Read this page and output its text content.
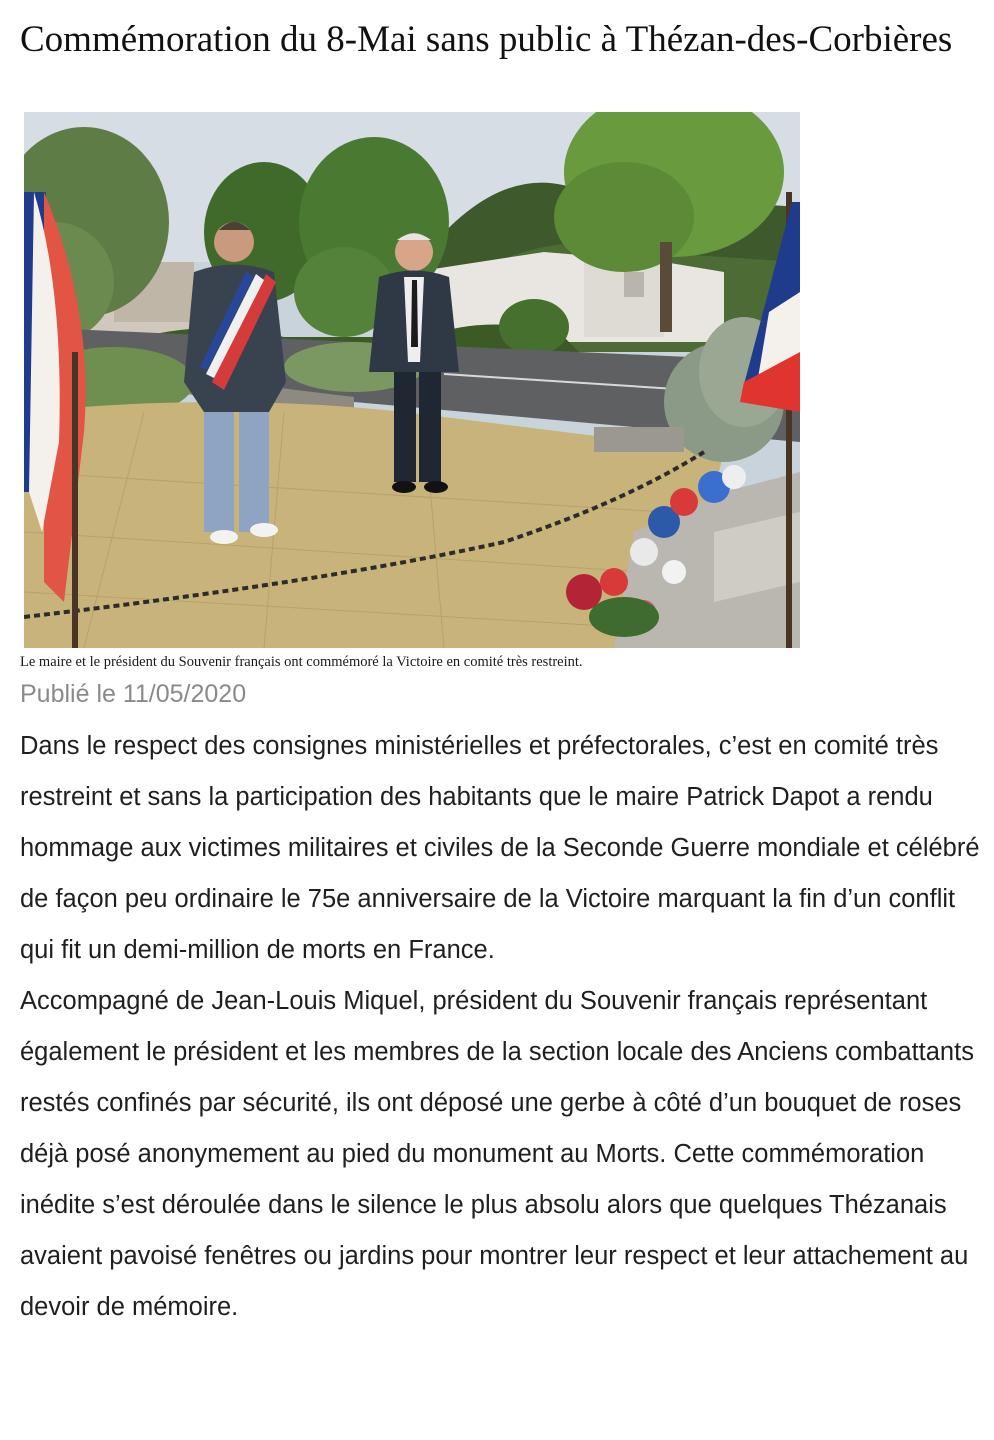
Commémoration du 8-Mai sans public à Thézan-des-Corbières

Le maire et le président du Souvenir français ont commémoré la Victoire en comité très restreint.

Publié le 11/05/2020

Dans le respect des consignes ministérielles et préfectorales, c’est en comité très restreint et sans la participation des habitants que le maire Patrick Dapot a rendu hommage aux victimes militaires et civiles de la Seconde Guerre mondiale et célébré de façon peu ordinaire le 75e anniversaire de la Victoire marquant la fin d’un conflit qui fit un demi-million de morts en France.

Accompagné de Jean-Louis Miquel, président du Souvenir français représentant également le président et les membres de la section locale des Anciens combattants restés confinés par sécurité, ils ont déposé une gerbe à côté d’un bouquet de roses déjà posé anonymement au pied du monument au Morts. Cette commémoration inédite s’est déroulée dans le silence le plus absolu alors que quelques Thézanais avaient pavoisé fenêtres ou jardins pour montrer leur respect et leur attachement au devoir de mémoire.
